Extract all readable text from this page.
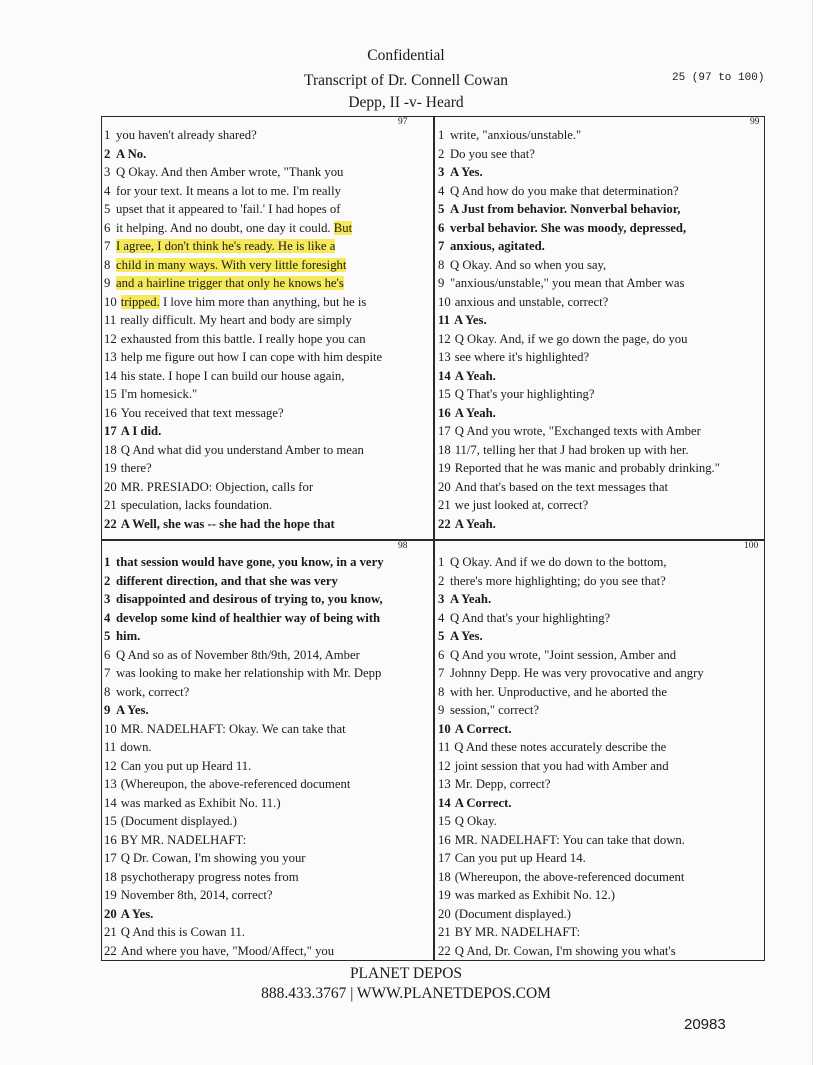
Confidential
Transcript of Dr. Connell Cowan
Depp, II -v- Heard
25 (97 to 100)
97	99
98	100
1 you haven't already shared?
2 A No.
3 Q Okay. And then Amber wrote, "Thank you
4 for your text. It means a lot to me. I'm really
5 upset that it appeared to 'fail.' I had hopes of
6 it helping. And no doubt, one day it could. But
7 I agree, I don't think he's ready. He is like a
8 child in many ways. With very little foresight
9 and a hairline trigger that only he knows he's
10 tripped. I love him more than anything, but he is
11 really difficult. My heart and body are simply
12 exhausted from this battle. I really hope you can
13 help me figure out how I can cope with him despite
14 his state. I hope I can build our house again,
15 I'm homesick."
16 You received that text message?
17 A I did.
18 Q And what did you understand Amber to mean
19 there?
20 MR. PRESIADO: Objection, calls for
21 speculation, lacks foundation.
22 A Well, she was -- she had the hope that
1 that session would have gone, you know, in a very
2 different direction, and that she was very
3 disappointed and desirous of trying to, you know,
4 develop some kind of healthier way of being with
5 him.
6 Q And so as of November 8th/9th, 2014, Amber
7 was looking to make her relationship with Mr. Depp
8 work, correct?
9 A Yes.
10 MR. NADELHAFT: Okay. We can take that
11 down.
12 Can you put up Heard 11.
13 (Whereupon, the above-referenced document
14 was marked as Exhibit No. 11.)
15 (Document displayed.)
16 BY MR. NADELHAFT:
17 Q Dr. Cowan, I'm showing you your
18 psychotherapy progress notes from
19 November 8th, 2014, correct?
20 A Yes.
21 Q And this is Cowan 11.
22 And where you have, "Mood/Affect," you
1 write, "anxious/unstable."
2 Do you see that?
3 A Yes.
4 Q And how do you make that determination?
5 A Just from behavior. Nonverbal behavior,
6 verbal behavior. She was moody, depressed,
7 anxious, agitated.
8 Q Okay. And so when you say,
9 "anxious/unstable," you mean that Amber was
10 anxious and unstable, correct?
11 A Yes.
12 Q Okay. And, if we go down the page, do you
13 see where it's highlighted?
14 A Yeah.
15 Q That's your highlighting?
16 A Yeah.
17 Q And you wrote, "Exchanged texts with Amber
18 11/7, telling her that J had broken up with her.
19 Reported that he was manic and probably drinking."
20 And that's based on the text messages that
21 we just looked at, correct?
22 A Yeah.
1 Q Okay. And if we do down to the bottom,
2 there's more highlighting; do you see that?
3 A Yeah.
4 Q And that's your highlighting?
5 A Yes.
6 Q And you wrote, "Joint session, Amber and
7 Johnny Depp. He was very provocative and angry
8 with her. Unproductive, and he aborted the
9 session," correct?
10 A Correct.
11 Q And these notes accurately describe the
12 joint session that you had with Amber and
13 Mr. Depp, correct?
14 A Correct.
15 Q Okay.
16 MR. NADELHAFT: You can take that down.
17 Can you put up Heard 14.
18 (Whereupon, the above-referenced document
19 was marked as Exhibit No. 12.)
20 (Document displayed.)
21 BY MR. NADELHAFT:
22 Q And, Dr. Cowan, I'm showing you what's
PLANET DEPOS
888.433.3767 | WWW.PLANETDEPOS.COM
20983
